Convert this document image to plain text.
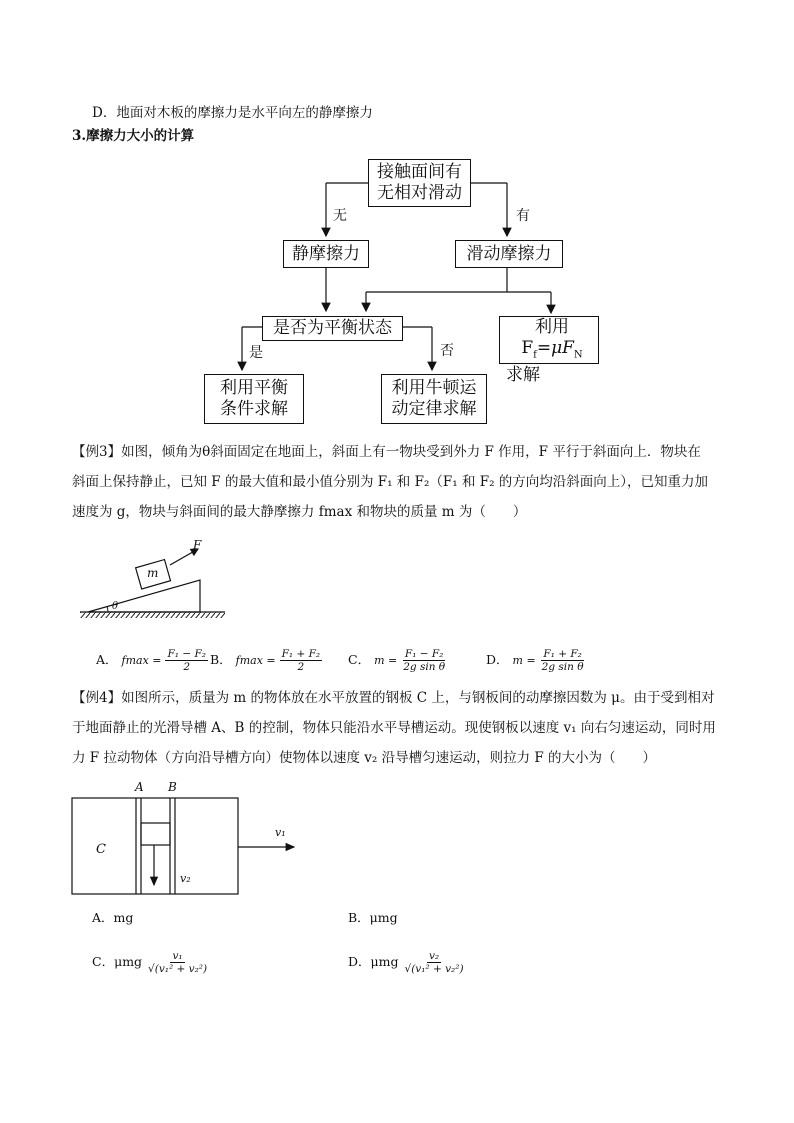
D．地面对木板的摩擦力是水平向左的静摩擦力
3.摩擦力大小的计算
接触面间有
无相对滑动
无	有
静摩擦力	滑动摩擦力
是否为平衡状态	利用$F_f=\mu F_N$
求解
是	否
利用平衡
条件求解
利用牛顿运
动定律求解
【例3】如图，倾角为θ斜面固定在地面上，斜面上有一物块受到外力 F 作用，F 平行于斜面向上．物块在
斜面上保持静止，已知 F 的最大值和最小值分别为 F₁ 和 F₂（F₁ 和 F₂ 的方向均沿斜面向上），已知重力加
速度为 g，物块与斜面间的最大静摩擦力 fmax 和物块的质量 m 为（　　）
m
F
θ
A． $fmax = \frac{\text{F₁ − F₂}}{2}$ B． $fmax = \frac{\text{F₁ + F₂}}{2}$ C． $m = \frac{\text{F₁ − F₂}}{\text{2g sin θ}}$	D． $m = \frac{\text{F₁ + F₂}}{\text{2g sin θ}}$
【例4】如图所示，质量为 m 的物体放在水平放置的钢板 C 上，与钢板间的动摩擦因数为 μ。由于受到相对
于地面静止的光滑导槽 A、B 的控制，物体只能沿水平导槽运动。现使钢板以速度 v₁ 向右匀速运动，同时用
力 F 拉动物体（方向沿导槽方向）使物体以速度 v₂ 沿导槽匀速运动，则拉力 F 的大小为（　　）
A B
C
v₁
v₂
A．mg	B．μmg
C．μmg $\frac{\text{v₁}}{\text{√(v₁² + v₂²)}}$	D．μmg $\frac{\text{v₂}}{\text{√(v₁² + v₂²)}}$
